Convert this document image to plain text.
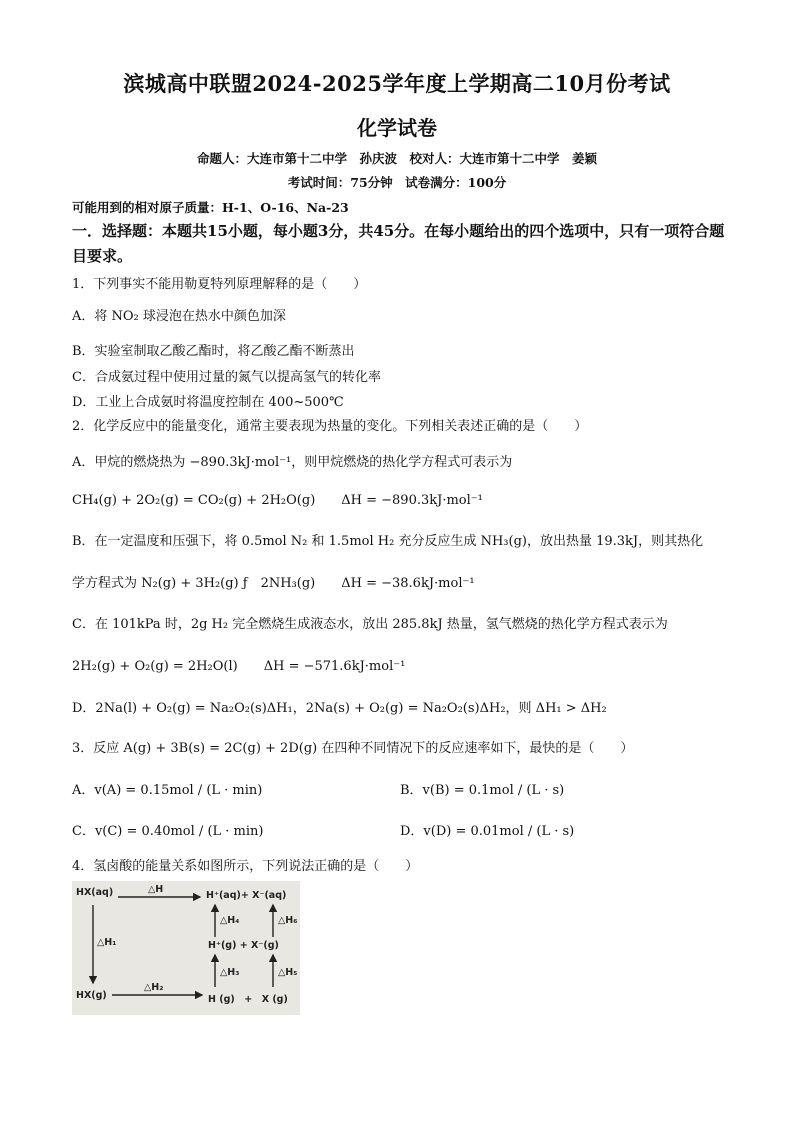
滨城高中联盟2024-2025学年度上学期高二10月份考试
化学试卷
命题人：大连市第十二中学　孙庆波　校对人：大连市第十二中学　姜颖
考试时间：75分钟　试卷满分：100分
可能用到的相对原子质量：H-1、O-16、Na-23
一．选择题：本题共15小题，每小题3分，共45分。在每小题给出的四个选项中，只有一项符合题目要求。
1．下列事实不能用勒夏特列原理解释的是（　　）
A．将 NO₂ 球浸泡在热水中颜色加深
B．实验室制取乙酸乙酯时，将乙酸乙酯不断蒸出
C．合成氨过程中使用过量的氮气以提高氢气的转化率
D．工业上合成氨时将温度控制在 400~500℃
2．化学反应中的能量变化，通常主要表现为热量的变化。下列相关表述正确的是（　　）
A．甲烷的燃烧热为 −890.3kJ·mol⁻¹，则甲烷燃烧的热化学方程式可表示为
CH₄(g) + 2O₂(g) = CO₂(g) + 2H₂O(g)　　ΔH = −890.3kJ·mol⁻¹
B．在一定温度和压强下，将 0.5mol N₂ 和 1.5mol H₂ 充分反应生成 NH₃(g)，放出热量 19.3kJ，则其热化
学方程式为 N₂(g) + 3H₂(g) ƒ　2NH₃(g)　　ΔH = −38.6kJ·mol⁻¹
C．在 101kPa 时，2g H₂ 完全燃烧生成液态水，放出 285.8kJ 热量，氢气燃烧的热化学方程式表示为
2H₂(g) + O₂(g) = 2H₂O(l)　　ΔH = −571.6kJ·mol⁻¹
D．2Na(l) + O₂(g) = Na₂O₂(s)ΔH₁，2Na(s) + O₂(g) = Na₂O₂(s)ΔH₂，则 ΔH₁ > ΔH₂
3．反应 A(g) + 3B(s) = 2C(g) + 2D(g) 在四种不同情况下的反应速率如下，最快的是（　　）
A．v(A) = 0.15mol / (L · min)	B．v(B) = 0.1mol / (L · s)
C．v(C) = 0.40mol / (L · min)	D．v(D) = 0.01mol / (L · s)
4．氢卤酸的能量关系如图所示，下列说法正确的是（　　）
HX(aq)	△H
H⁺(aq)+ X⁻(aq)
△H₁
△H₄	△H₆
H⁺(g) + X⁻(g)
△H₃	△H₅
HX(g)
△H₂
H (g)　+　X (g)
